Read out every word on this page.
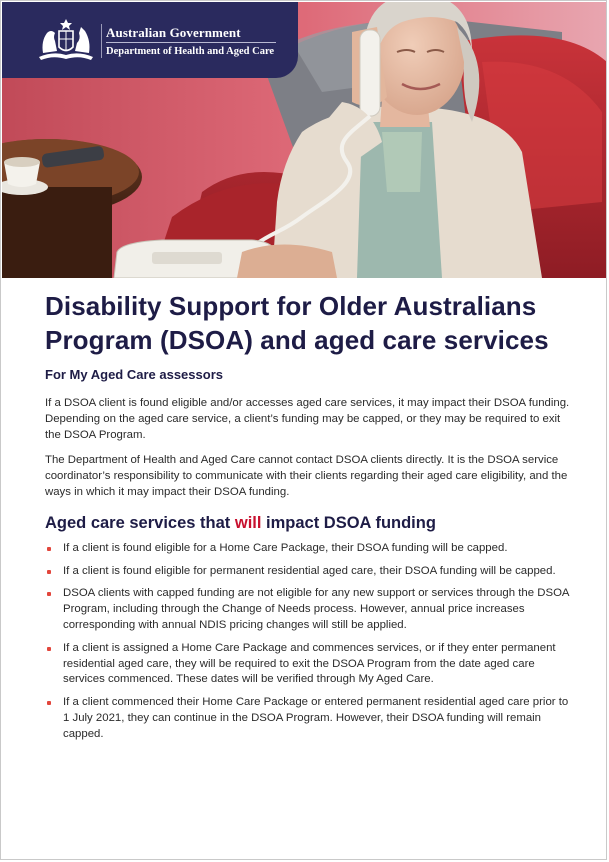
Australian Government
Department of Health and Aged Care
Disability Support for Older Australians Program (DSOA) and aged care services

For My Aged Care assessors

If a DSOA client is found eligible and/or accesses aged care services, it may impact their DSOA funding. Depending on the aged care service, a client’s funding may be capped, or they may be required to exit the DSOA Program.

The Department of Health and Aged Care cannot contact DSOA clients directly. It is the DSOA service coordinator’s responsibility to communicate with their clients regarding their aged care eligibility, and the ways in which it may impact their DSOA funding.

Aged care services that will impact DSOA funding
If a client is found eligible for a Home Care Package, their DSOA funding will be capped.
If a client is found eligible for permanent residential aged care, their DSOA funding will be capped.
DSOA clients with capped funding are not eligible for any new support or services through the DSOA Program, including through the Change of Needs process. However, annual price increases corresponding with annual NDIS pricing changes will still be applied.
If a client is assigned a Home Care Package and commences services, or if they enter permanent residential aged care, they will be required to exit the DSOA Program from the date aged care services commenced. These dates will be verified through My Aged Care.
If a client commenced their Home Care Package or entered permanent residential aged care prior to 1 July 2021, they can continue in the DSOA Program. However, their DSOA funding will remain capped.
